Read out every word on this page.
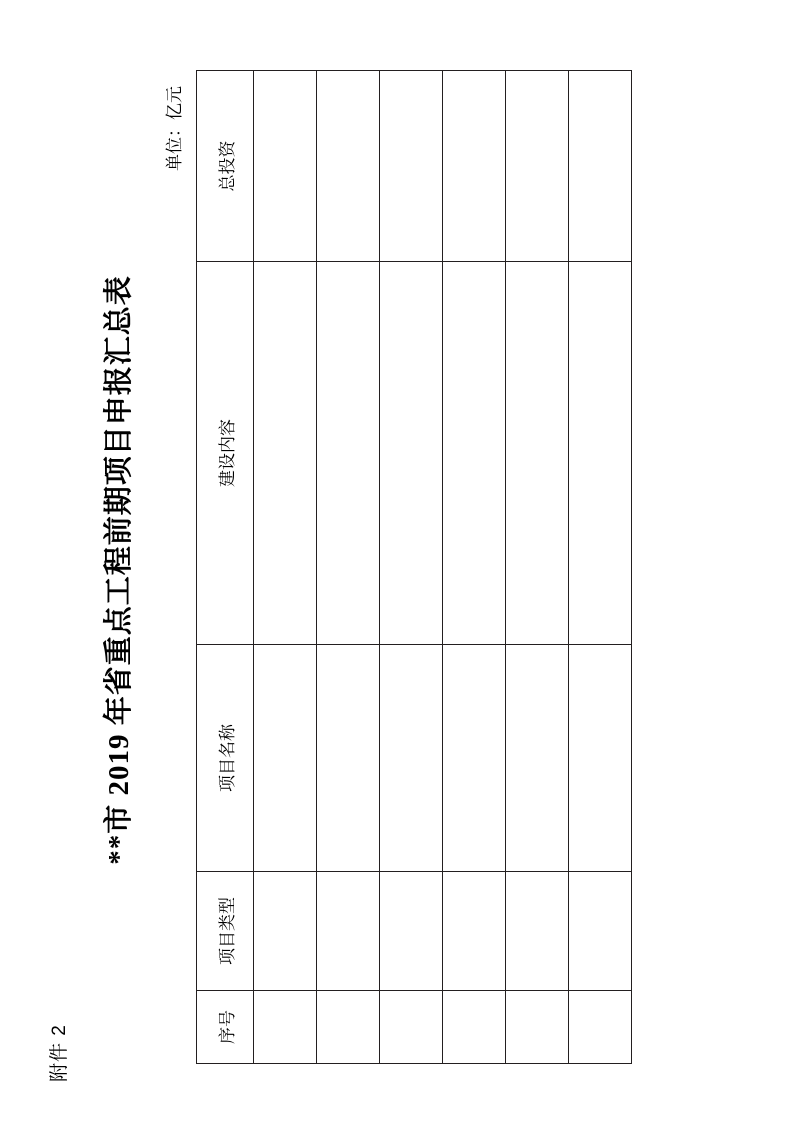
附件 2
**市 2019 年省重点工程前期项目申报汇总表
单位：亿元
序号	项目类型	项目名称	建设内容	总投资
